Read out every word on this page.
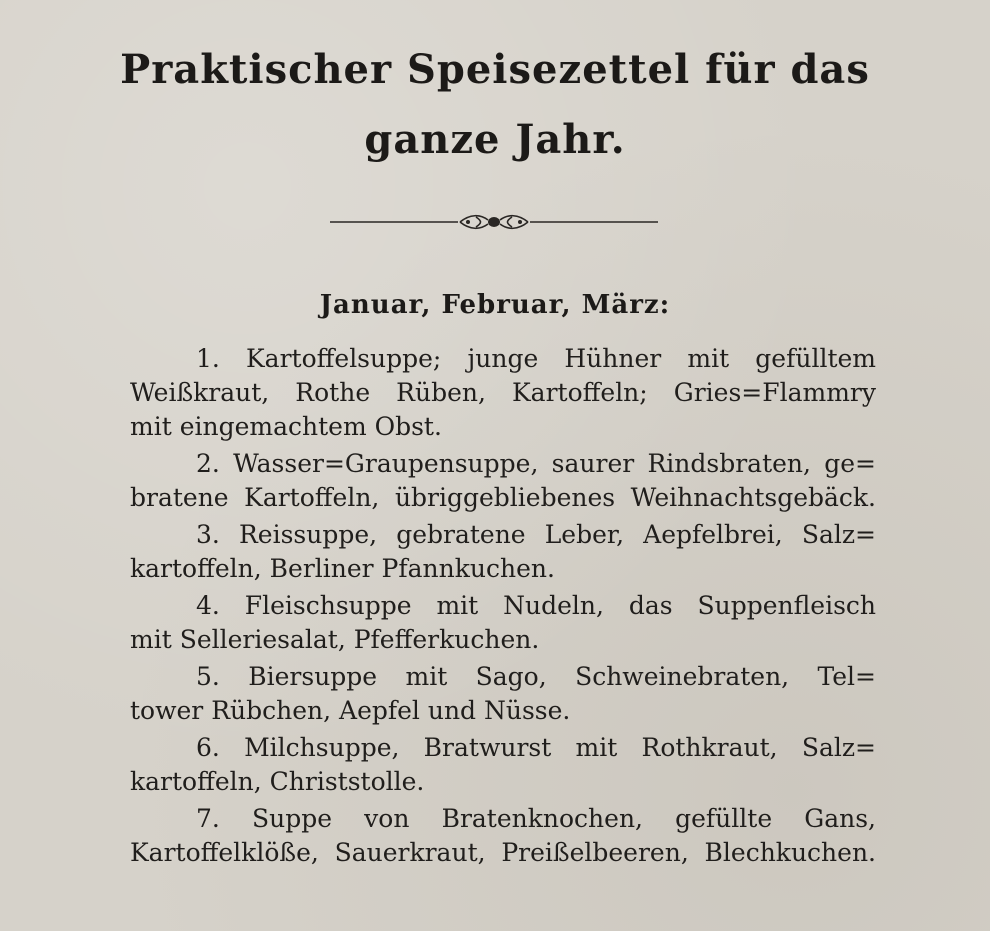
Praktischer Speisezettel für das
ganze Jahr.
Januar, Februar, März:
1. Kartoffelsuppe; junge Hühner mit gefülltem
Weißkraut, Rothe Rüben, Kartoffeln; Gries=Flammry
mit eingemachtem Obst.
2. Wasser=Graupensuppe, saurer Rindsbraten, ge=
bratene Kartoffeln, übriggebliebenes Weihnachtsgebäck.
3. Reissuppe, gebratene Leber, Aepfelbrei, Salz=
kartoffeln, Berliner Pfannkuchen.
4. Fleischsuppe mit Nudeln, das Suppenfleisch
mit Selleriesalat, Pfefferkuchen.
5. Biersuppe mit Sago, Schweinebraten, Tel=
tower Rübchen, Aepfel und Nüsse.
6. Milchsuppe, Bratwurst mit Rothkraut, Salz=
kartoffeln, Christstolle.
7. Suppe von Bratenknochen, gefüllte Gans,
Kartoffelklöße, Sauerkraut, Preißelbeeren, Blechkuchen.
